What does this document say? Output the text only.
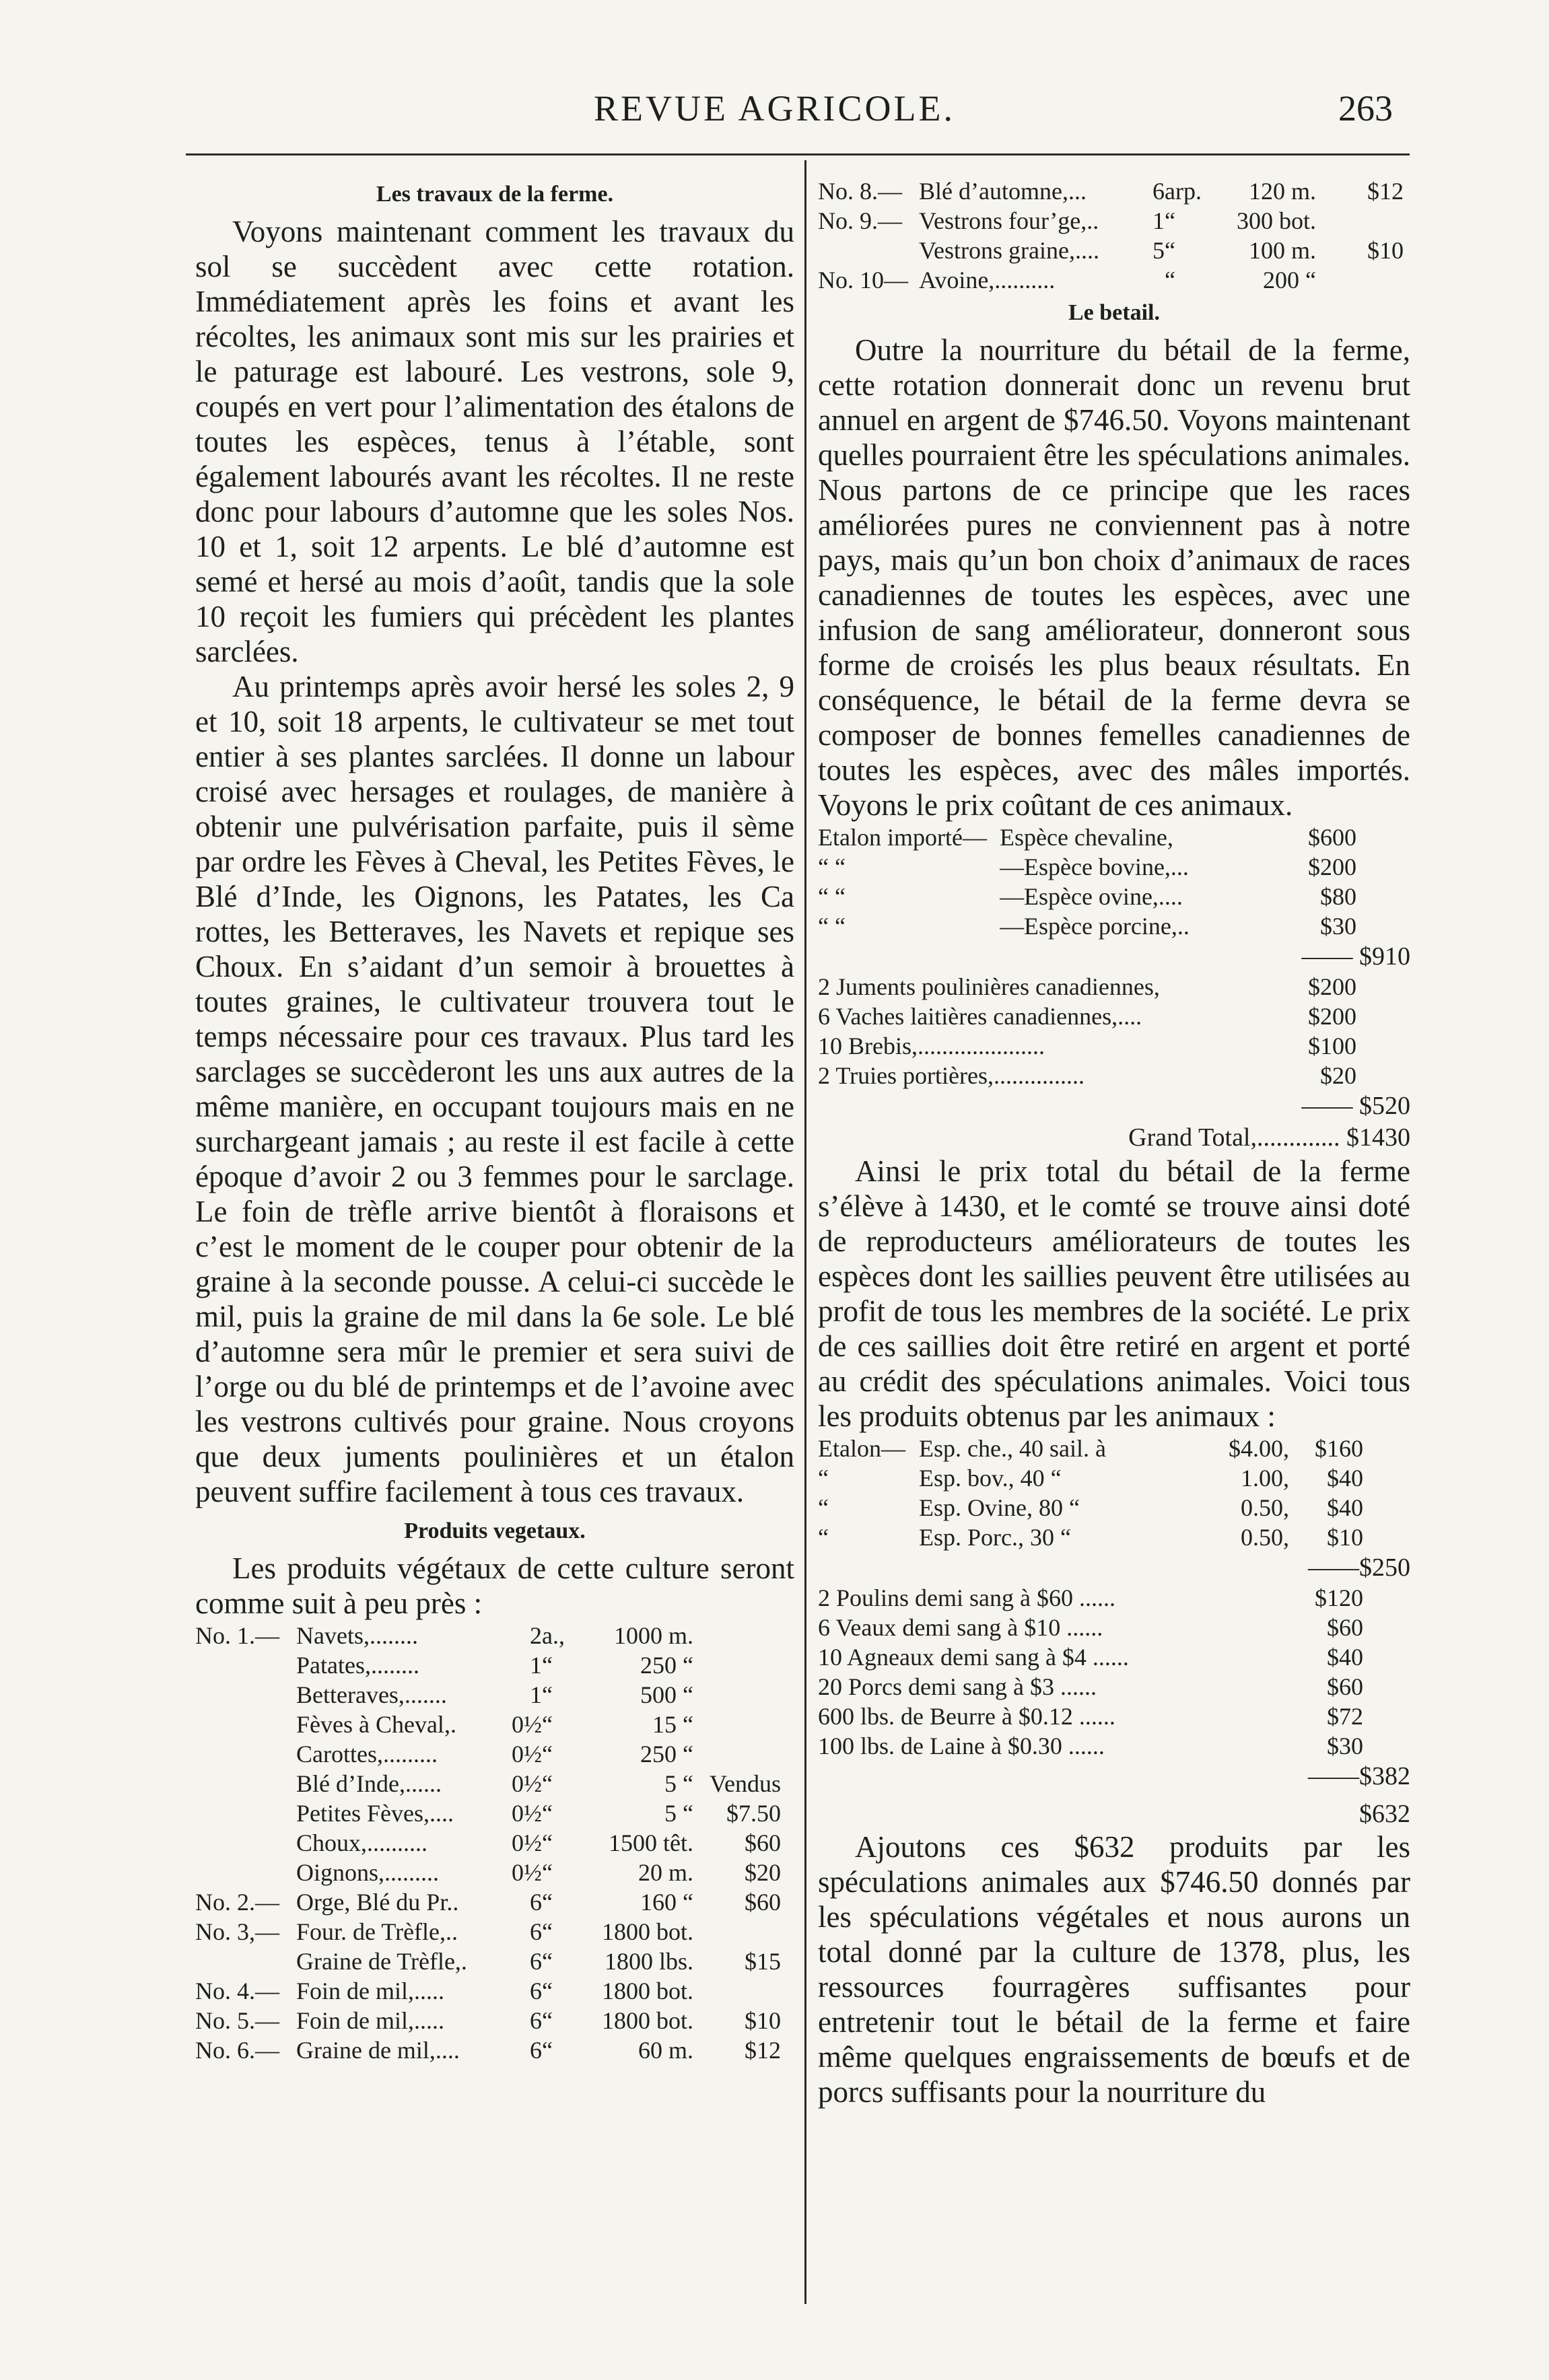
REVUE AGRICOLE.	263
Les travaux de la ferme.

Voyons maintenant comment les travaux du sol se succèdent avec cette rotation. Immédiatement après les foins et avant les récoltes, les animaux sont mis sur les prairies et le paturage est labouré. Les vestrons, sole 9, coupés en vert pour l’alimentation des étalons de toutes les espèces, tenus à l’étable, sont également labourés avant les récoltes. Il ne reste donc pour labours d’automne que les soles Nos. 10 et 1, soit 12 arpents. Le blé d’automne est semé et hersé au mois d’août, tandis que la sole 10 reçoit les fumiers qui précèdent les plantes sarclées.

Au printemps après avoir hersé les soles 2, 9 et 10, soit 18 arpents, le cultivateur se met tout entier à ses plantes sarclées. Il donne un labour croisé avec hersages et roulages, de manière à obtenir une pulvérisation parfaite, puis il sème par ordre les Fèves à Cheval, les Petites Fèves, le Blé d’Inde, les Oignons, les Patates, les Ca rottes, les Betteraves, les Navets et repique ses Choux. En s’aidant d’un semoir à brouettes à toutes graines, le cultivateur trouvera tout le temps nécessaire pour ces travaux. Plus tard les sarclages se succèderont les uns aux autres de la même manière, en occupant toujours mais en ne surchargeant jamais ; au reste il est facile à cette époque d’avoir 2 ou 3 femmes pour le sarclage. Le foin de trèfle arrive bientôt à floraisons et c’est le moment de le couper pour obtenir de la graine à la seconde pousse. A celui-ci succède le mil, puis la graine de mil dans la 6e sole. Le blé d’automne sera mûr le premier et sera suivi de l’orge ou du blé de printemps et de l’avoine avec les vestrons cultivés pour graine. Nous croyons que deux juments poulinières et un étalon peuvent suffire facilement à tous ces travaux.

Produits vegetaux.

Les produits végétaux de cette culture seront comme suit à peu près :

No. 1.— Navets,........	2 a.,	1000 m.
Patates,........	1 “	250 “
Betteraves,.......	1 “	500 “
Fèves à Cheval,.	0½ “	15 “
Carottes,.........	0½ “	250 “
Blé d’Inde,......	0½ “	5 “ Vendus
Petites Fèves,....	0½ “	5 “	$7.50
Choux,..........	0½ “	1500 têt.	$60
Oignons,.........	0½ “	20 m.	$20
No. 2.— Orge, Blé du Pr..	6 “	160 “	$60
No. 3,— Four. de Trèfle,..	6 “	1800 bot.
Graine de Trèfle,.	6 “	1800 lbs.	$15
No. 4.— Foin de mil,.....	6 “	1800 bot.
No. 5.— Foin de mil,.....	6 “	1800 bot.	$10
No. 6.— Graine de mil,....	6 “	60 m.	$12
No. 8.— Blé d’automne,...	6 arp.	120 m.	$12
No. 9.— Vestrons four’ge,..	1 “	300 bot.
Vestrons graine,....	5 “	100 m.	$10
No. 10— Avoine,..........	“	200 “
Le betail.

Outre la nourriture du bétail de la ferme, cette rotation donnerait donc un revenu brut annuel en argent de $746.50. Voyons maintenant quelles pourraient être les spéculations animales. Nous partons de ce principe que les races améliorées pures ne conviennent pas à notre pays, mais qu’un bon choix d’animaux de races canadiennes de toutes les espèces, avec une infusion de sang améliorateur, donneront sous forme de croisés les plus beaux résultats. En conséquence, le bétail de la ferme devra se composer de bonnes femelles canadiennes de toutes les espèces, avec des mâles importés. Voyons le prix coûtant de ces animaux.

Etalon importé— Espèce chevaline,	$600
“ “	—Espèce bovine,...	$200
“ “	—Espèce ovine,....	$80
“ “	—Espèce porcine,..	$30
—— $910
2 Juments poulinières canadiennes,	$200
6 Vaches laitières canadiennes,....	$200
10 Brebis,.....................	$100
2 Truies portières,...............	$20
—— $520
Grand Total,............. $1430

Ainsi le prix total du bétail de la ferme s’élève à 1430, et le comté se trouve ainsi doté de reproducteurs améliorateurs de toutes les espèces dont les saillies peuvent être utilisées au profit de tous les membres de la société. Le prix de ces saillies doit être retiré en argent et porté au crédit des spéculations animales. Voici tous les produits obtenus par les animaux :

Etalon— Esp. che., 40 sail. à	$4.00,	$160
“	Esp. bov., 40 “	1.00,	$40
“	Esp. Ovine, 80 “	0.50,	$40
“	Esp. Porc., 30 “	0.50,	$10
——$250
2 Poulins demi sang à $60 ......	$120
6 Veaux demi sang à $10 ......	$60
10 Agneaux demi sang à $4 ......	$40
20 Porcs demi sang à $3 ......	$60
600 lbs. de Beurre à $0.12 ......	$72
100 lbs. de Laine à $0.30 ......	$30
——$382
$632

Ajoutons ces $632 produits par les spéculations animales aux $746.50 donnés par les spéculations végétales et nous aurons un total donné par la culture de 1378, plus, les ressources fourragères suffisantes pour entretenir tout le bétail de la ferme et faire même quelques engraissements de bœufs et de porcs suffisants pour la nourriture du
